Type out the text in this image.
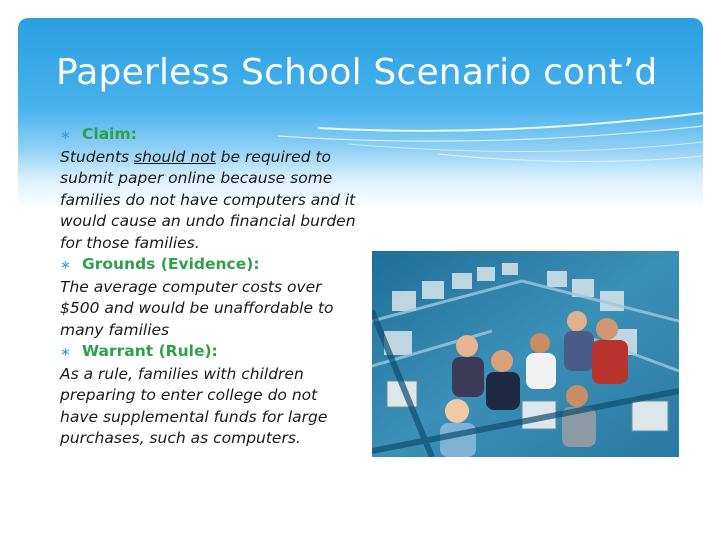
Paperless School Scenario cont’d
∗ Claim:
Students should not be required to submit paper online because some families do not have computers and it would cause an undo financial burden for those families.
∗ Grounds (Evidence):
The average computer costs over $500 and would be unaffordable to many families
∗ Warrant (Rule):
As a rule, families with children preparing to enter college do not have supplemental funds for large purchases, such as computers.
